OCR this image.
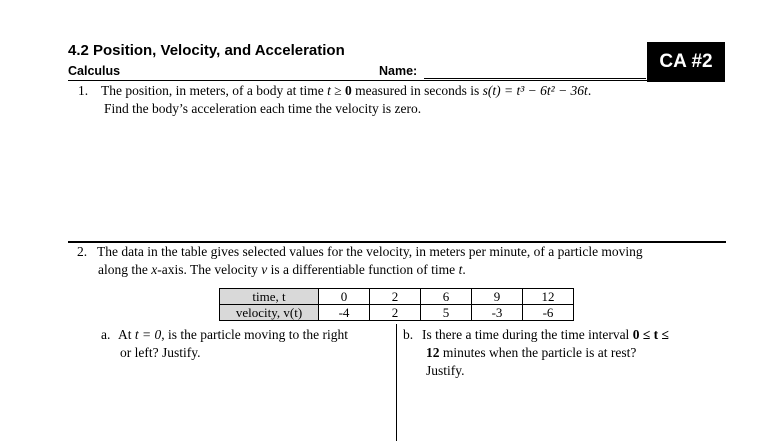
4.2 Position, Velocity, and Acceleration
Calculus	Name:	CA #2
1. The position, in meters, of a body at time t ≥ 0 measured in seconds is s(t) = t³ − 6t² − 36t.
Find the body’s acceleration each time the velocity is zero.
2. The data in the table gives selected values for the velocity, in meters per minute, of a particle moving
along the x-axis. The velocity v is a differentiable function of time t.
time, t	0	2	6	9	12
velocity, v(t)	-4	2	5	-3	-6
a. At t = 0, is the particle moving to the right
or left? Justify.
b. Is there a time during the time interval 0 ≤ t ≤
12 minutes when the particle is at rest?
Justify.
